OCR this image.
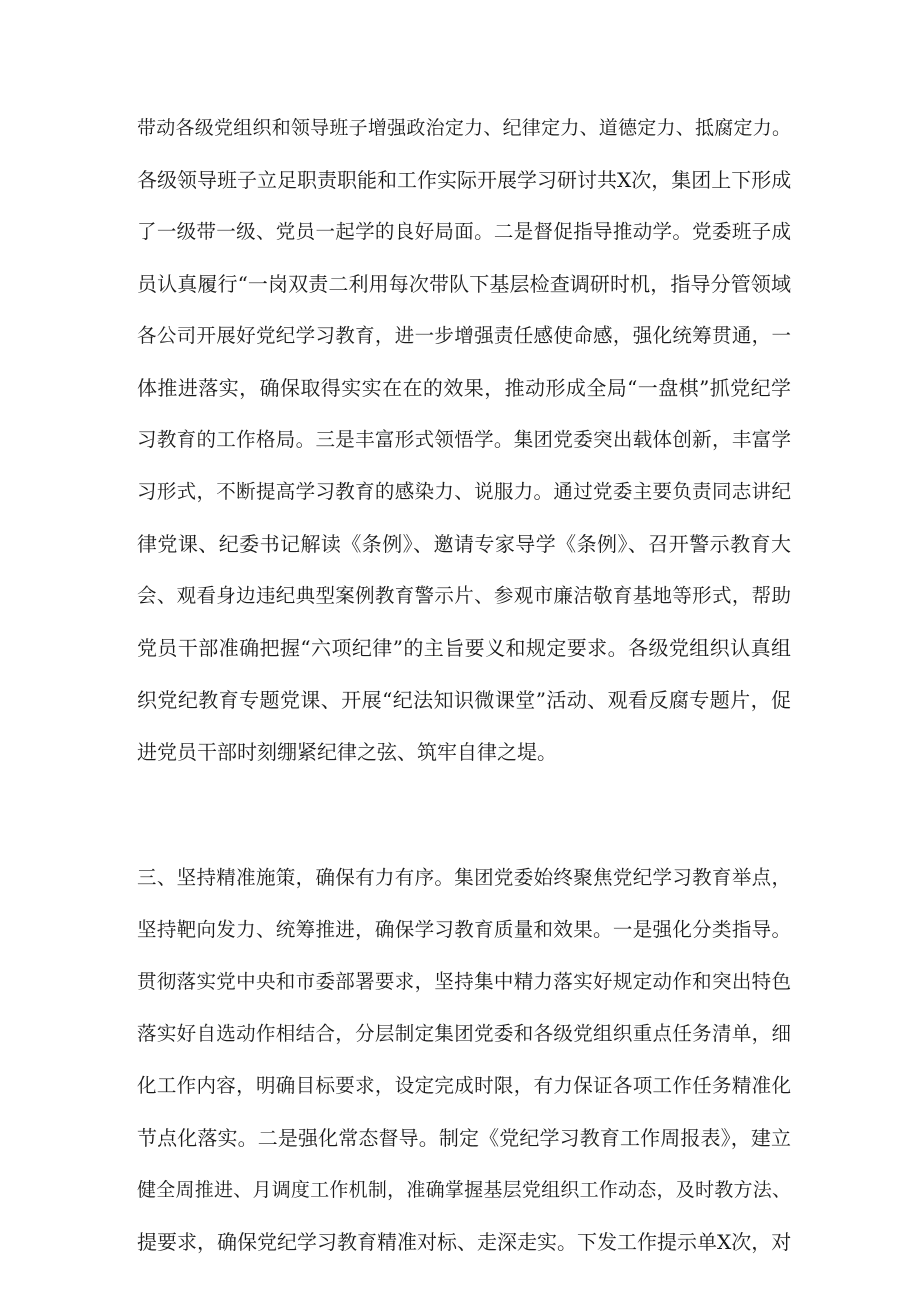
带动各级党组织和领导班子增强政治定力、纪律定力、道德定力、抵腐定力。
各级领导班子立足职责职能和工作实际开展学习研讨共X次，集团上下形成
了一级带一级、党员一起学的良好局面。二是督促指导推动学。党委班子成
员认真履行“一岗双责二利用每次带队下基层检查调研时机，指导分管领域
各公司开展好党纪学习教育，进一步增强责任感使命感，强化统筹贯通，一
体推进落实，确保取得实实在在的效果，推动形成全局“一盘棋”抓党纪学
习教育的工作格局。三是丰富形式领悟学。集团党委突出载体创新，丰富学
习形式，不断提高学习教育的感染力、说服力。通过党委主要负责同志讲纪
律党课、纪委书记解读《条例》、邀请专家导学《条例》、召开警示教育大
会、观看身边违纪典型案例教育警示片、参观市廉洁敬育基地等形式，帮助
党员干部准确把握“六项纪律”的主旨要义和规定要求。各级党组织认真组
织党纪教育专题党课、开展“纪法知识微课堂”活动、观看反腐专题片，促
进党员干部时刻绷紧纪律之弦、筑牢自律之堤。
三、坚持精准施策，确保有力有序。集团党委始终聚焦党纪学习教育举点，
坚持靶向发力、统筹推进，确保学习教育质量和效果。一是强化分类指导。
贯彻落实党中央和市委部署要求，坚持集中精力落实好规定动作和突出特色
落实好自选动作相结合，分层制定集团党委和各级党组织重点任务清单，细
化工作内容，明确目标要求，设定完成时限，有力保证各项工作任务精准化
节点化落实。二是强化常态督导。制定《党纪学习教育工作周报表》，建立
健全周推进、月调度工作机制，准确掌握基层党组织工作动态，及时教方法、
提要求，确保党纪学习教育精准对标、走深走实。下发工作提示单X次，对
